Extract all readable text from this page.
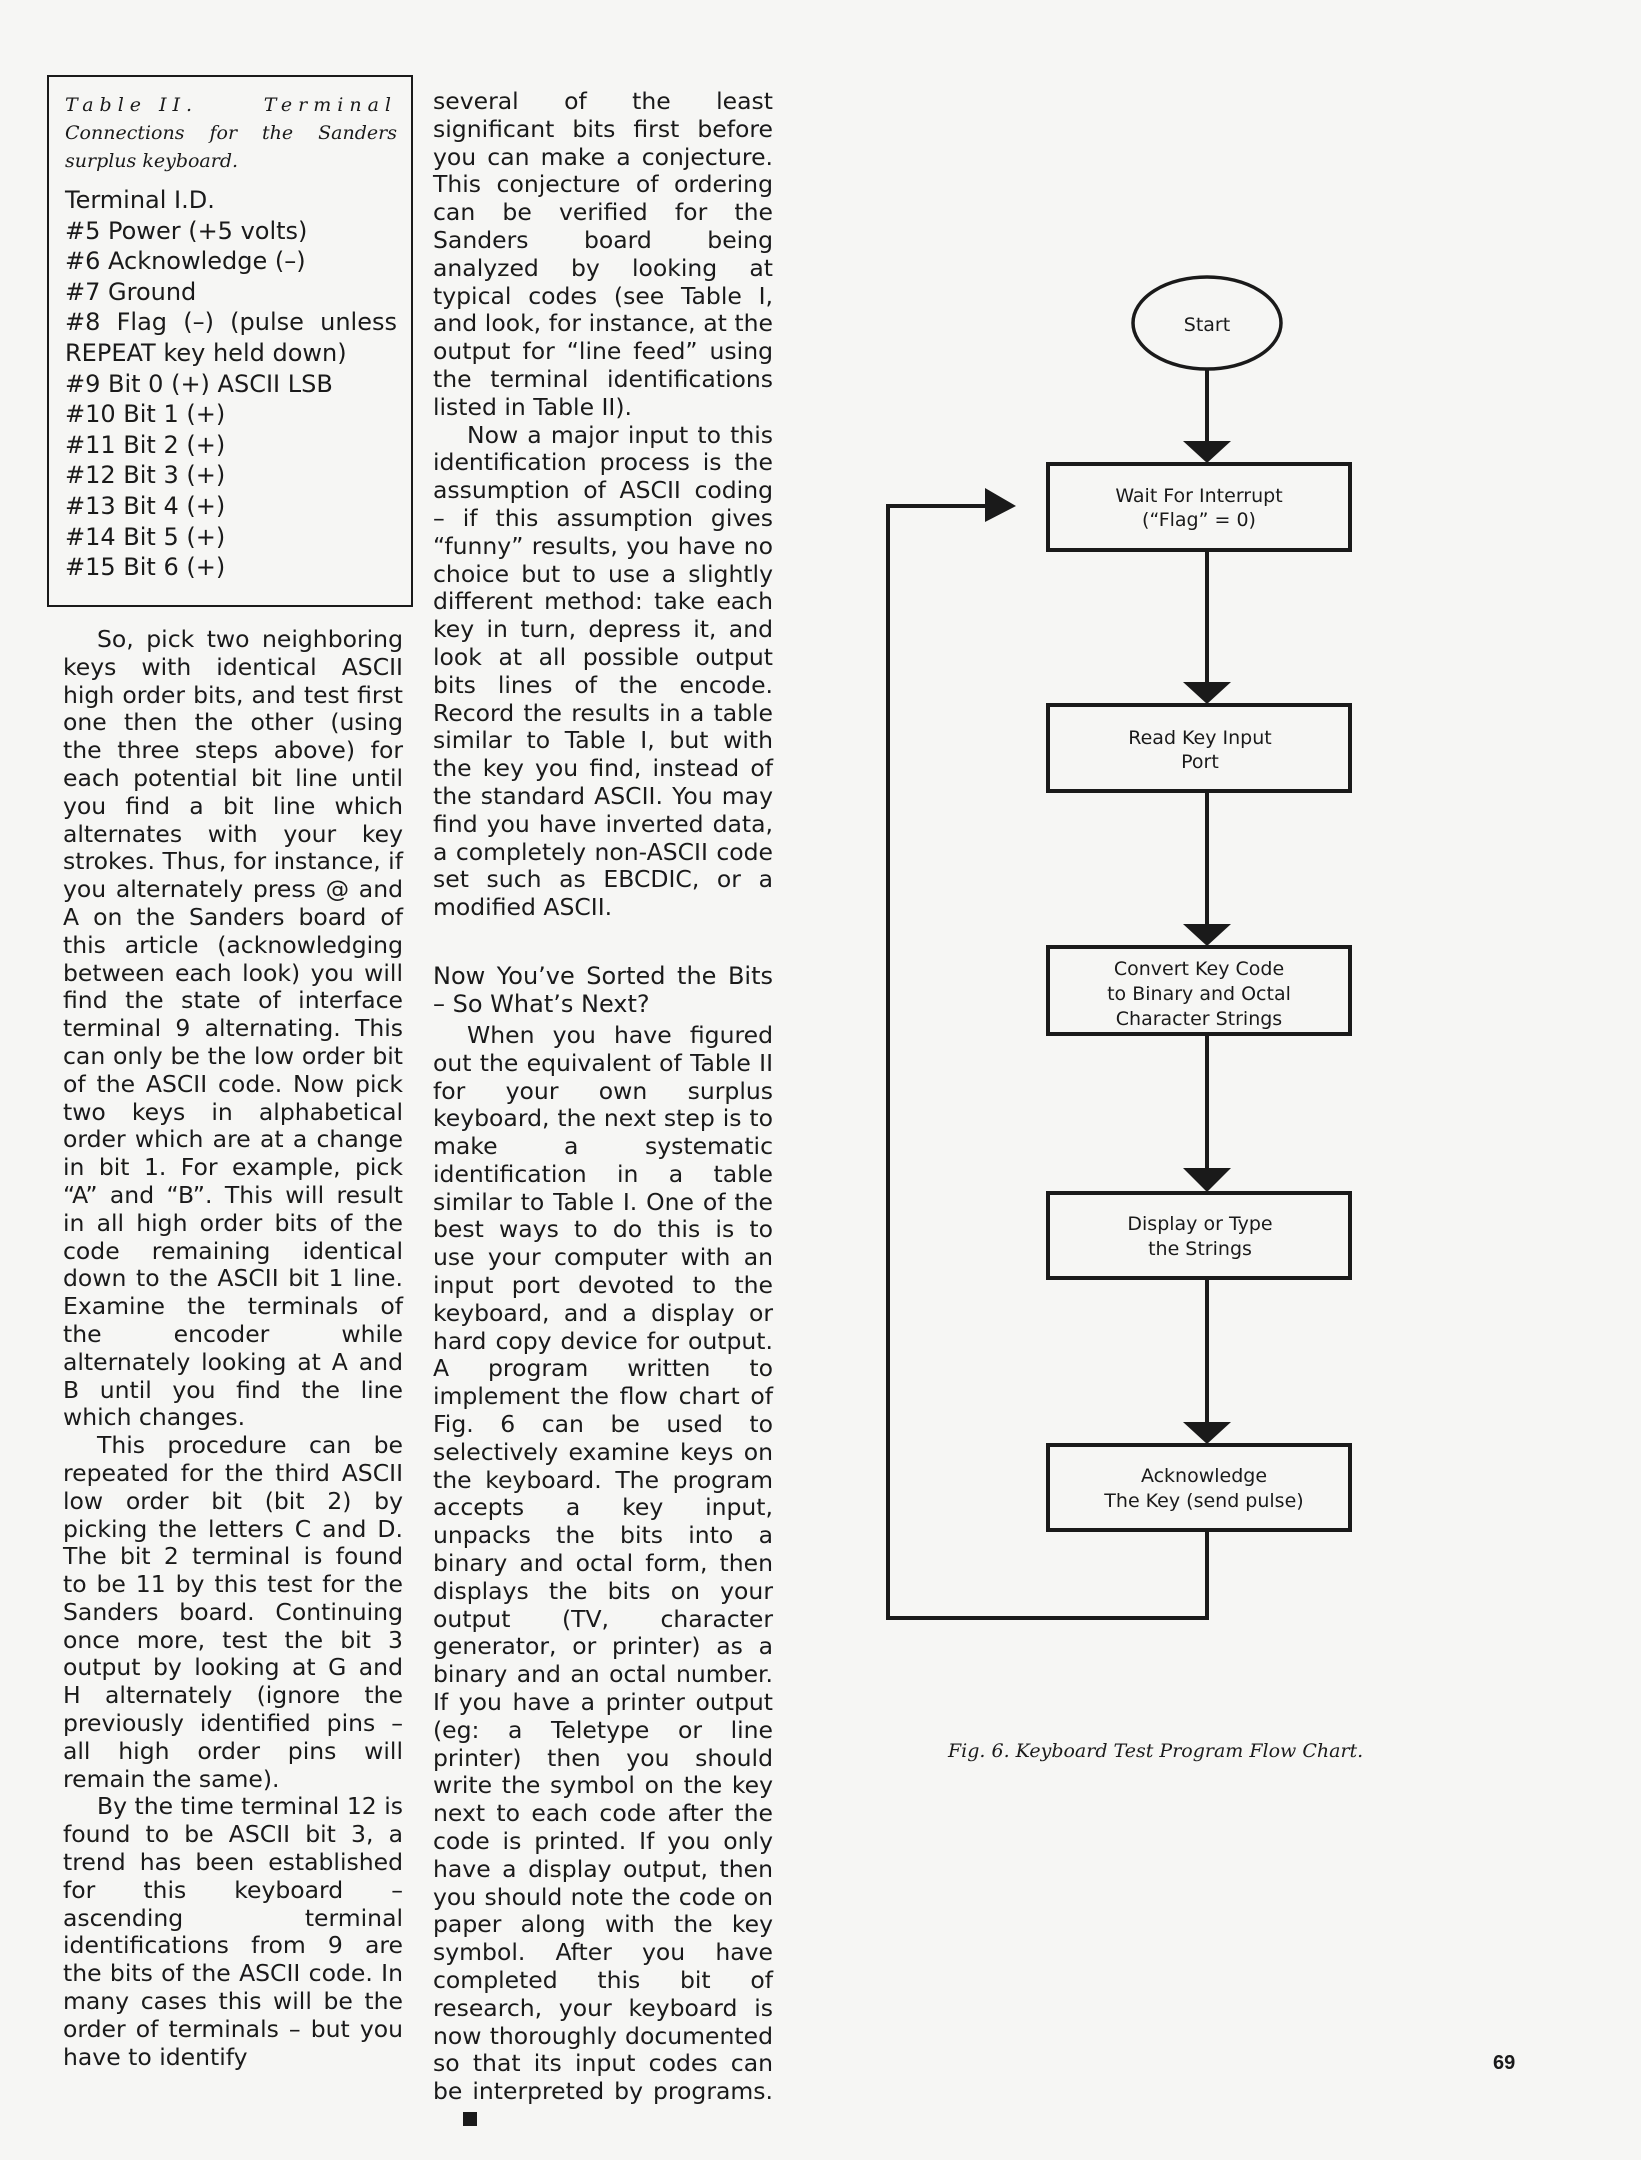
Table II.	Terminal

Connections for the Sanders surplus keyboard.
Terminal I.D.
#5 Power (+5 volts)
#6 Acknowledge (–)
#7 Ground
#8 Flag (–) (pulse unless REPEAT key held down)
#9 Bit 0 (+) ASCII LSB
#10 Bit 1 (+)
#11 Bit 2 (+)
#12 Bit 3 (+)
#13 Bit 4 (+)
#14 Bit 5 (+)
#15 Bit 6 (+)

So, pick two neighboring keys with identical ASCII high order bits, and test first one then the other (using the three steps above) for each potential bit line until you find a bit line which alternates with your key strokes. Thus, for instance, if you alternately press @ and A on the Sanders board of this article (acknowledging between each look) you will find the state of interface terminal 9 alternating. This can only be the low order bit of the ASCII code. Now pick two keys in alphabetical order which are at a change in bit 1. For example, pick “A” and “B”. This will result in all high order bits of the code remaining identical down to the ASCII bit 1 line. Examine the terminals of the encoder while alternately looking at A and B until you find the line which changes.

This procedure can be repeated for the third ASCII low order bit (bit 2) by picking the letters C and D. The bit 2 terminal is found to be 11 by this test for the Sanders board. Continuing once more, test the bit 3 output by looking at G and H alternately (ignore the previously identified pins – all high order pins will remain the same).

By the time terminal 12 is found to be ASCII bit 3, a trend has been established for this keyboard – ascending terminal identifications from 9 are the bits of the ASCII code. In many cases this will be the order of terminals – but you have to identify

several of the least significant bits first before you can make a conjecture. This conjecture of ordering can be verified for the Sanders board being analyzed by looking at typical codes (see Table I, and look, for instance, at the output for “line feed” using the terminal identifications listed in Table II).

Now a major input to this identification process is the assumption of ASCII coding – if this assumption gives “funny” results, you have no choice but to use a slightly different method: take each key in turn, depress it, and look at all possible output bits lines of the encode. Record the results in a table similar to Table I, but with the key you find, instead of the standard ASCII. You may find you have inverted data, a completely non-ASCII code set such as EBCDIC, or a modified ASCII.

Now You’ve Sorted the Bits – So What’s Next?

When you have figured out the equivalent of Table II for your own surplus keyboard, the next step is to make a systematic identification in a table similar to Table I. One of the best ways to do this is to use your computer with an input port devoted to the keyboard, and a display or hard copy device for output. A program written to implement the flow chart of Fig. 6 can be used to selectively examine keys on the keyboard. The program accepts a key input, unpacks the bits into a binary and octal form, then displays the bits on your output (TV, character generator, or printer) as a binary and an octal number. If you have a printer output (eg: a Teletype or line printer) then you should write the symbol on the key next to each code after the code is printed. If you only have a display output, then you should note the code on paper along with the key symbol. After you have completed this bit of research, your keyboard is now thoroughly documented so that its input codes can be interpreted by programs.

Start
Wait For Interrupt
(“Flag” = 0)
Read Key Input
Port
Convert Key Code
to Binary and Octal
Character Strings
Display or Type
the Strings
Acknowledge
The Key (send pulse)
Fig. 6. Keyboard Test Program Flow Chart.
69
